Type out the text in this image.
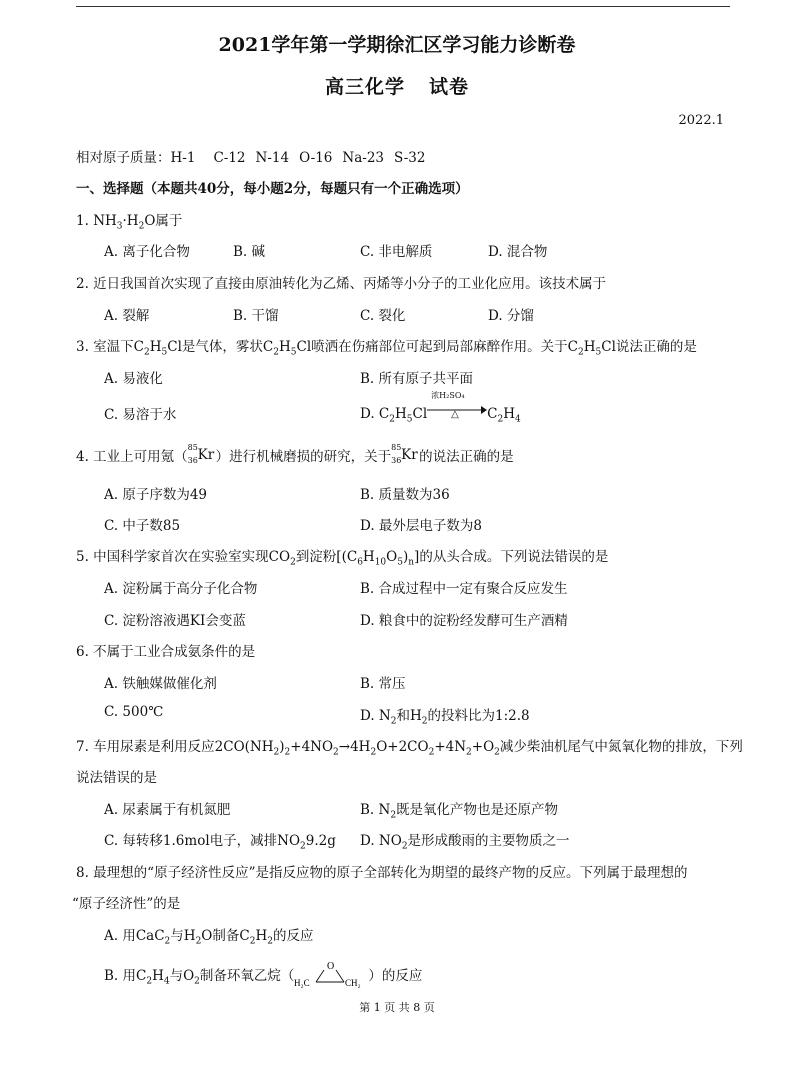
2021学年第一学期徐汇区学习能力诊断卷
高三化学 试卷
2022.1
相对原子质量：H-1 C-12 N-14 O-16 Na-23 S-32
一、选择题（本题共40分，每小题2分，每题只有一个正确选项）
1. $NH_3\cdot H_2O$属于
A. 离子化合物	B. 碱	C. 非电解质	D. 混合物
2. 近日我国首次实现了直接由原油转化为乙烯、丙烯等小分子的工业化应用。该技术属于
A. 裂解	B. 干馏	C. 裂化	D. 分馏
3. 室温下$C_2H_5Cl$是气体，雾状$C_2H_5Cl$喷洒在伤痛部位可起到局部麻醉作用。关于$C_2H_5Cl$说法正确的是
A. 易液化	B. 所有原子共平面
C. 易溶于水	D. $C_2H_5Cl$
浓H₂SO₄
△ $C_2H_4$
4. 工业上可用氪（
85
36 Kr ）进行机械磨损的研究，关于
85
36 Kr 的说法正确的是
A. 原子序数为49	B. 质量数为36
C. 中子数85	D. 最外层电子数为8
5. 中国科学家首次在实验室实现$CO_2$到淀粉$[(C_6H_{10}O_5)_n]$的从头合成。下列说法错误的是
A. 淀粉属于高分子化合物	B. 合成过程中一定有聚合反应发生
C. 淀粉溶液遇KI会变蓝	D. 粮食中的淀粉经发酵可生产酒精
6. 不属于工业合成氨条件的是
A. 铁触媒做催化剂	B. 常压
C. 500℃	D. $N_2$和$H_2$的投料比为1:2.8
7. 车用尿素是利用反应$2CO(NH_2)_2+4NO_2\to 4H_2O+2CO_2+4N_2+O_2$减少柴油机尾气中氮氧化物的排放，下列
说法错误的是
A. 尿素属于有机氮肥	B. $N_2$既是氧化产物也是还原产物
C. 每转移1.6mol电子，减排$NO_29.2g$ D. $NO_2$是形成酸雨的主要物质之一
8. 最理想的“原子经济性反应”是指反应物的原子全部转化为期望的最终产物的反应。下列属于最理想的
“原子经济性”的是
A. 用CaC$_2$与$H_2O$制备$C_2H_2$的反应
B. 用$C_2H_4$与$O_2$制备环氧乙烷（
O
H₂C	CH₂ ）的反应
第 1 页 共 8 页
